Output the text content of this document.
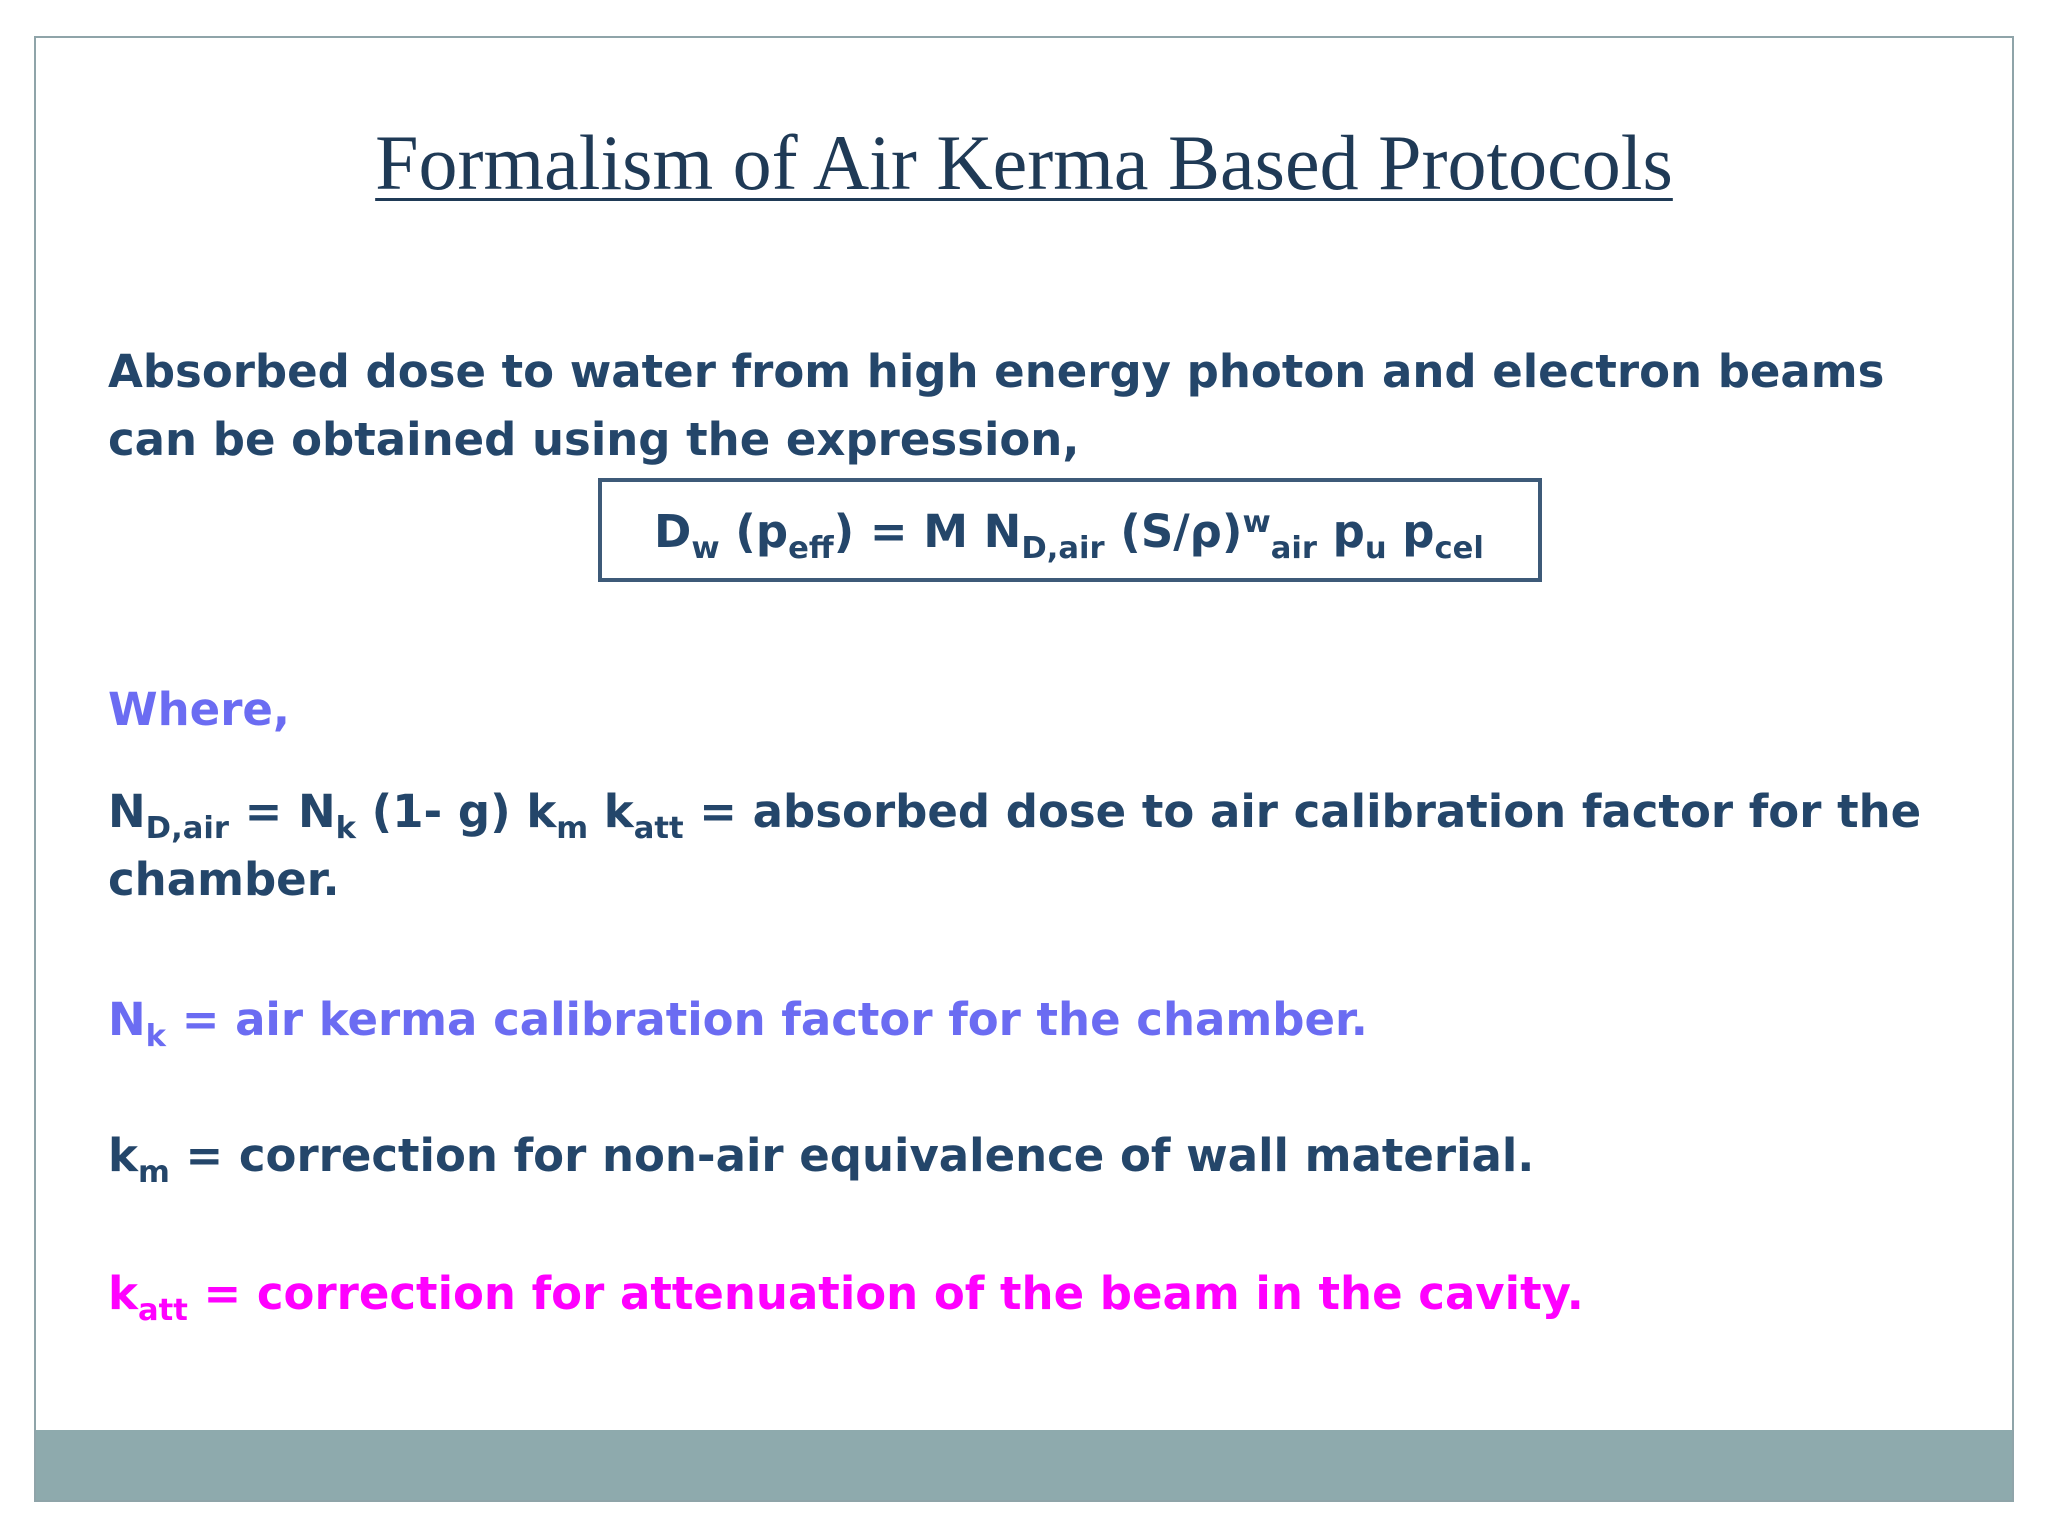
Formalism of Air Kerma Based Protocols
Absorbed dose to water from high energy photon and electron beams can be obtained using the expression,
$D_w$ $(p_{eff}) = M$ $N_{D,air}$ $(S/\rho)^w_{air}$ $p_u$ $p_{cel}$
Where,
$N_{D,air} = N_k$ (1- g) $k_m$ $k_{att}$ = absorbed dose to air calibration factor for the chamber.
$N_k$ = air kerma calibration factor for the chamber.
$k_m$ = correction for non-air equivalence of wall material.
$k_{att}$ = correction for attenuation of the beam in the cavity.
